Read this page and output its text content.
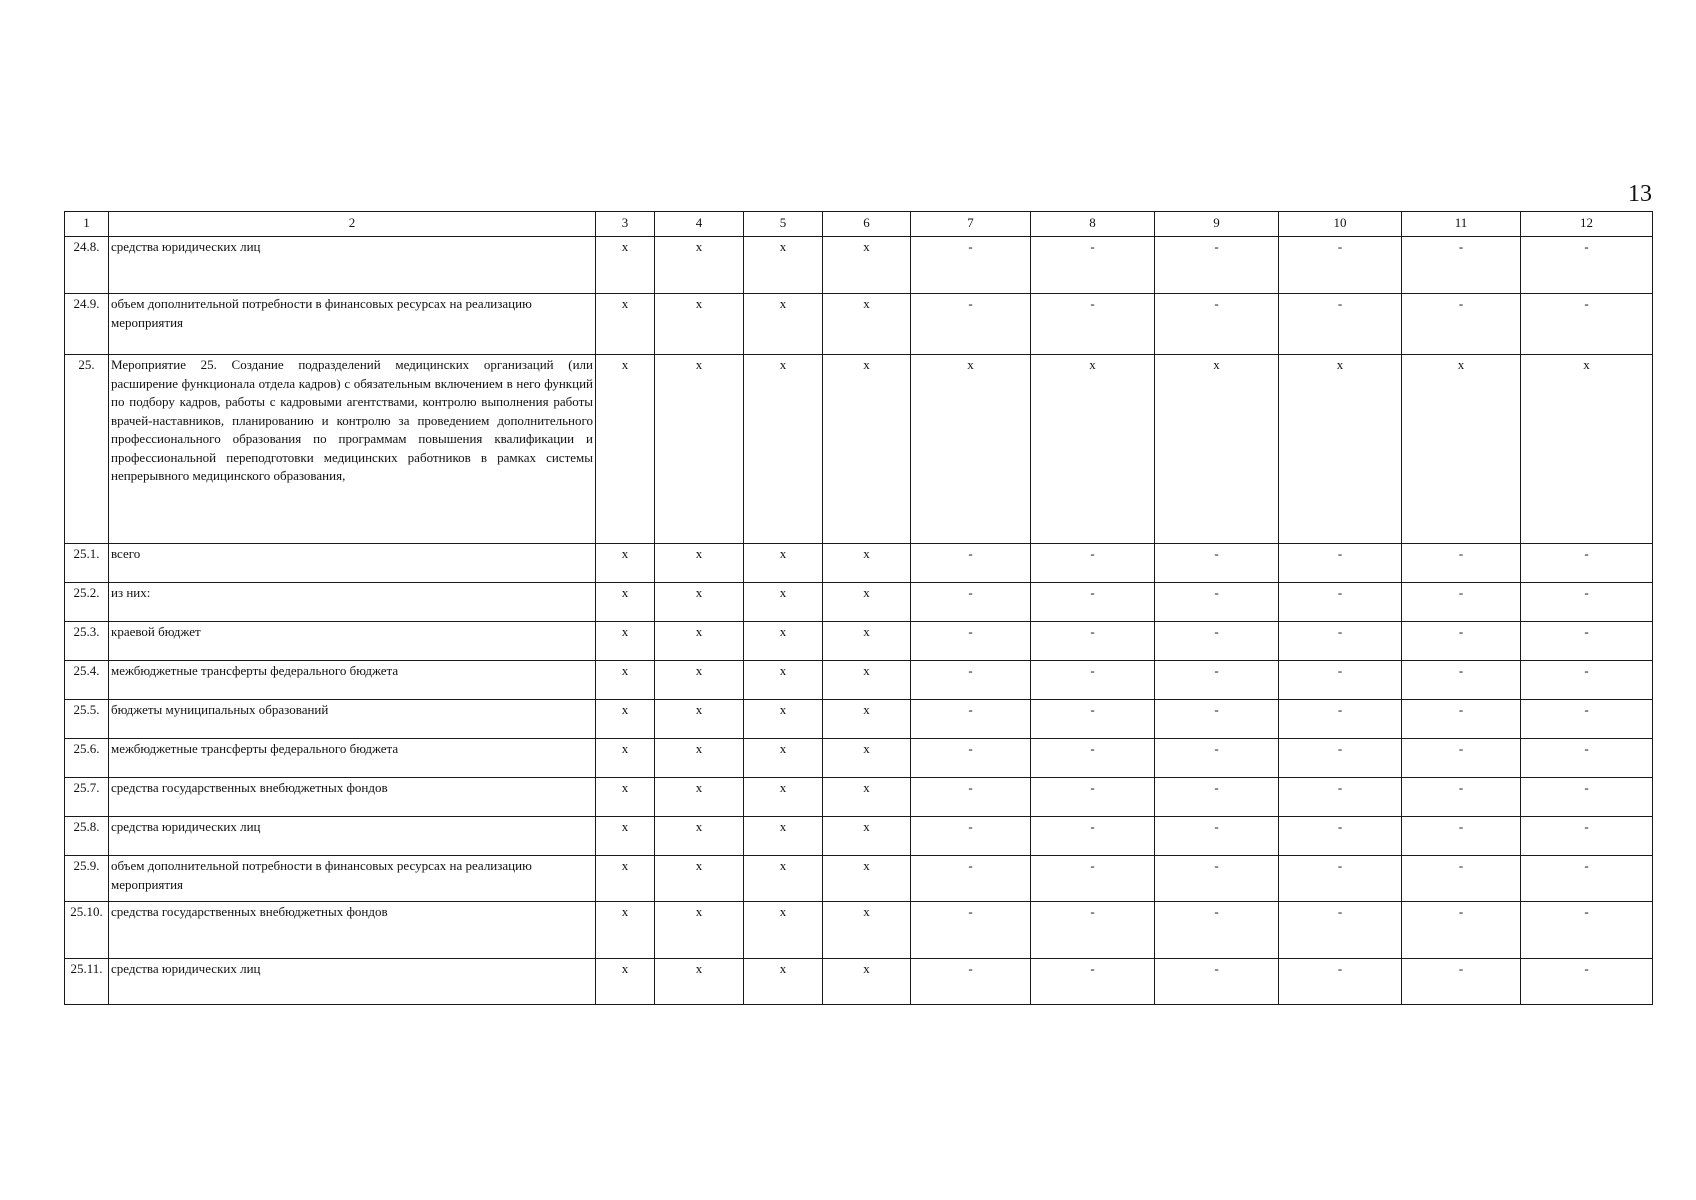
13
1	2	3	4	5	6	7	8	9	10	11	12
24.8.	средства юридических лиц	x	x	x	x	-	-	-	-	-	-
24.9.	объем дополнительной потребности в финансовых ресурсах на реализацию мероприятия	x	x	x	x	-	-	-	-	-	-
25.	Мероприятие 25. Создание подразделений медицинских организаций (или расширение функционала отдела кадров) с обязательным включением в него функций по подбору кадров, работы с кадровыми агентствами, контролю выполнения работы врачей-наставников, планированию и контролю за проведением дополнительного профессионального образования по программам повышения квалификации и профессиональной переподготовки медицинских работников в рамках системы непрерывного медицинского образования,	x	x	x	x	x	x	x	x	x	x
25.1.	всего	x	x	x	x	-	-	-	-	-	-
25.2.	из них:	x	x	x	x	-	-	-	-	-	-
25.3.	краевой бюджет	x	x	x	x	-	-	-	-	-	-
25.4.	межбюджетные трансферты федерального бюджета	x	x	x	x	-	-	-	-	-	-
25.5.	бюджеты муниципальных образований	x	x	x	x	-	-	-	-	-	-
25.6.	межбюджетные трансферты федерального бюджета	x	x	x	x	-	-	-	-	-	-
25.7.	средства государственных внебюджетных фондов	x	x	x	x	-	-	-	-	-	-
25.8.	средства юридических лиц	x	x	x	x	-	-	-	-	-	-
25.9.	объем дополнительной потребности в финансовых ресурсах на реализацию мероприятия	x	x	x	x	-	-	-	-	-	-
25.10.	средства государственных внебюджетных фондов	x	x	x	x	-	-	-	-	-	-
25.11.	средства юридических лиц	x	x	x	x	-	-	-	-	-	-
